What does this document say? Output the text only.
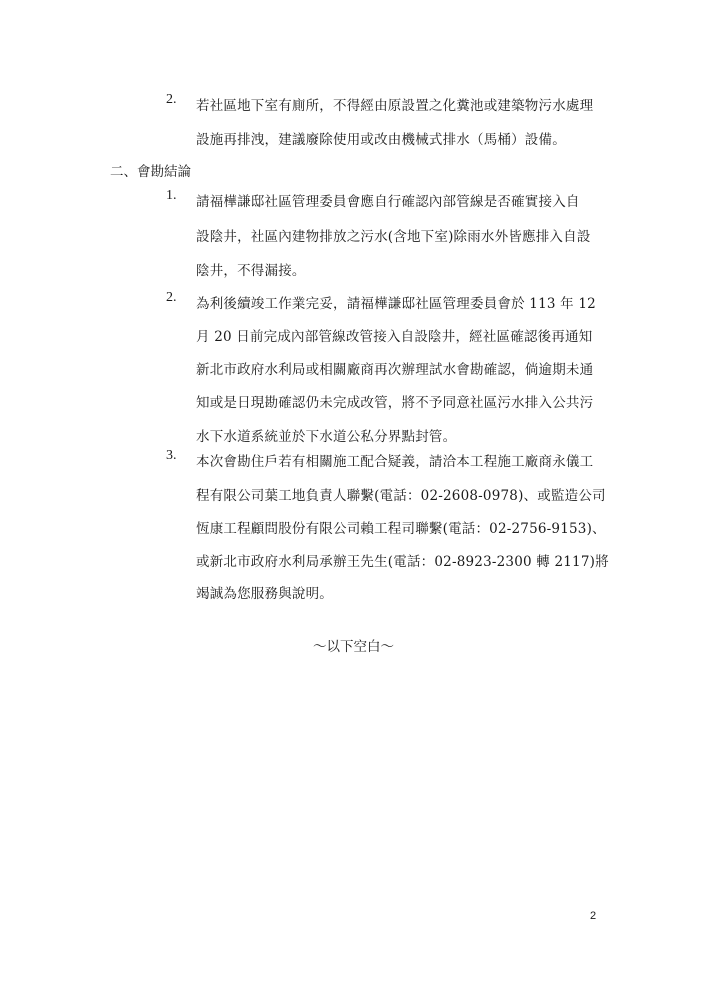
2. 若社區地下室有廁所，不得經由原設置之化糞池或建築物污水處理
設施再排洩，建議廢除使用或改由機械式排水（馬桶）設備。
二、會勘結論
1. 請福樺謙邸社區管理委員會應自行確認內部管線是否確實接入自
設陰井，社區內建物排放之污水(含地下室)除雨水外皆應排入自設
陰井，不得漏接。
2. 為利後續竣工作業完妥，請福樺謙邸社區管理委員會於 113 年 12
月 20 日前完成內部管線改管接入自設陰井，經社區確認後再通知
新北市政府水利局或相關廠商再次辦理試水會勘確認，倘逾期未通
知或是日現勘確認仍未完成改管，將不予同意社區污水排入公共污
水下水道系統並於下水道公私分界點封管。
3. 本次會勘住戶若有相關施工配合疑義，請洽本工程施工廠商永儀工
程有限公司葉工地負責人聯繫(電話：02-2608-0978)、或監造公司
恆康工程顧問股份有限公司賴工程司聯繫(電話：02-2756-9153)、
或新北市政府水利局承辦王先生(電話：02-8923-2300 轉 2117)將
竭誠為您服務與說明。
～以下空白～
2
